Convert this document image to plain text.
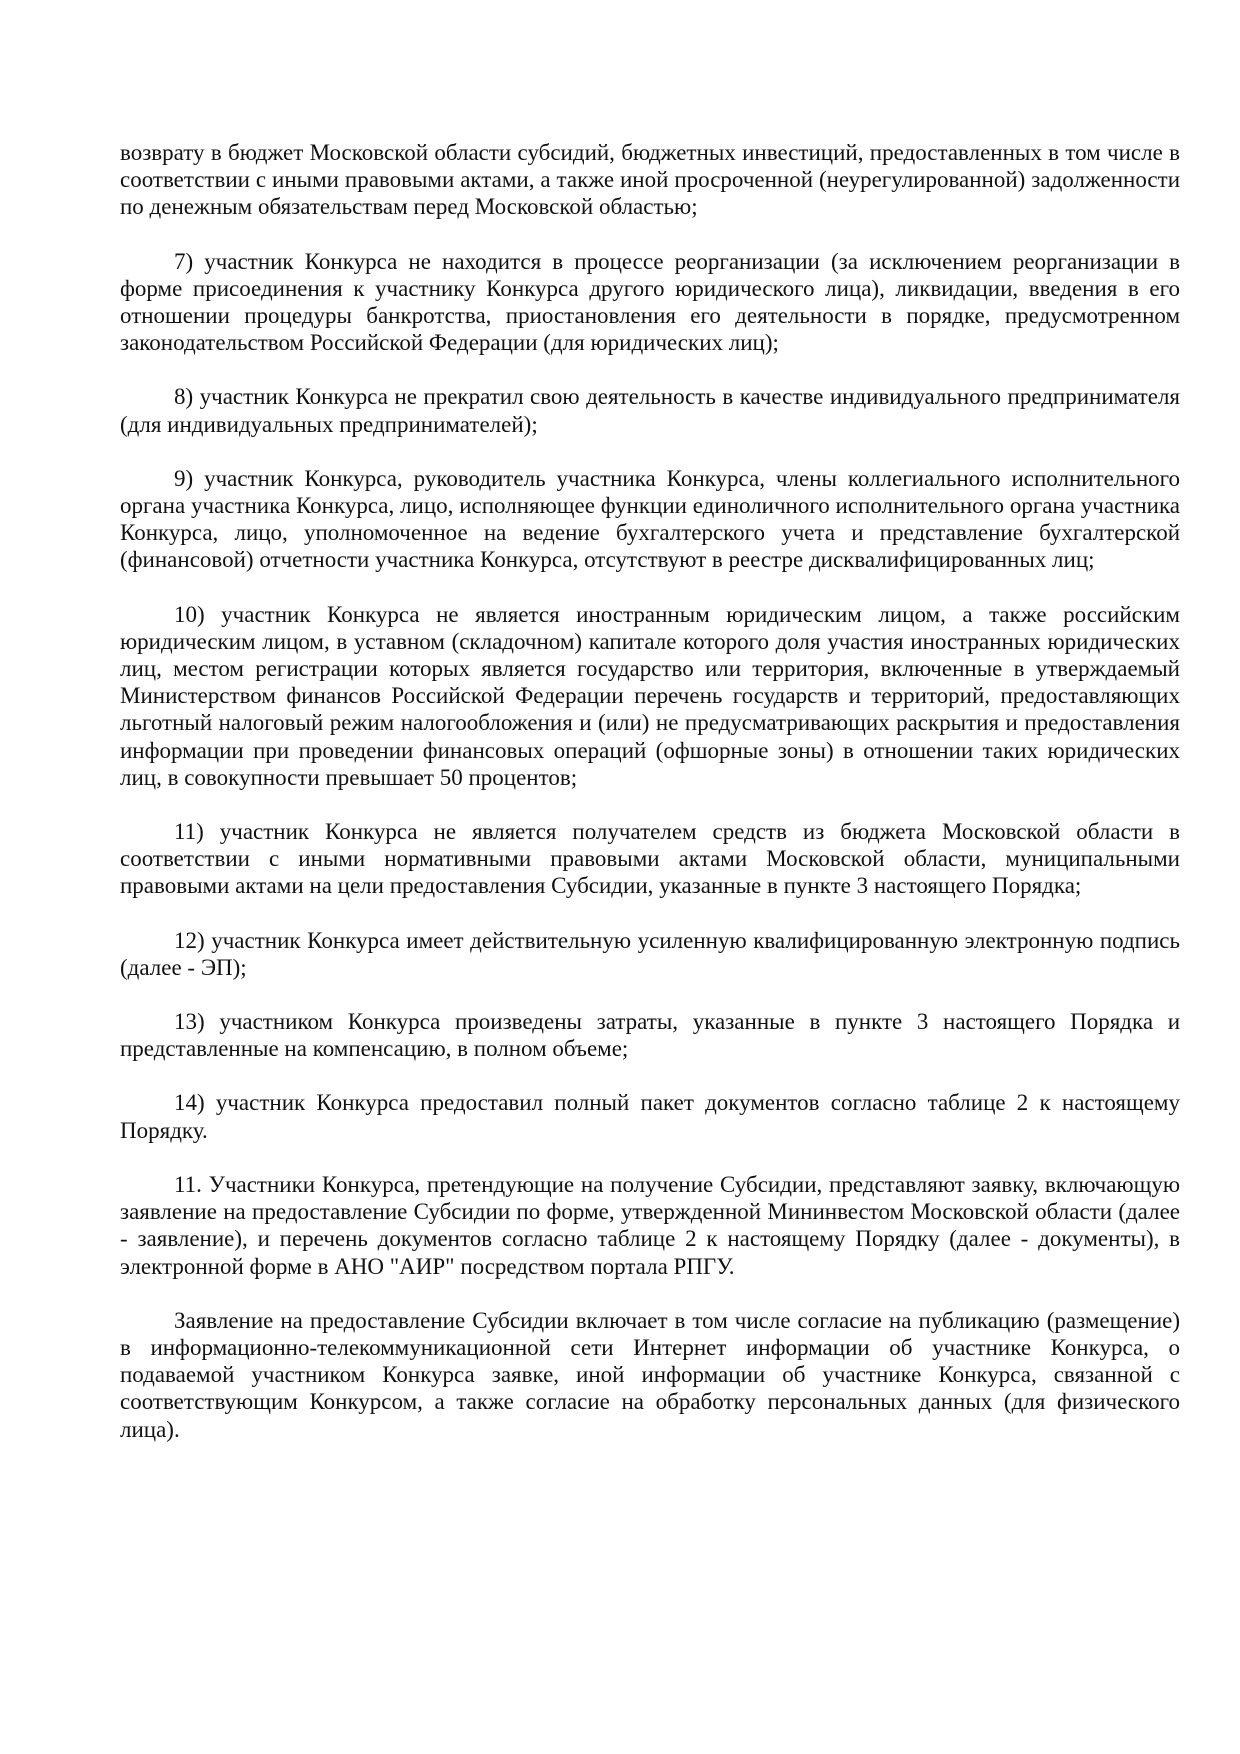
возврату в бюджет Московской области субсидий, бюджетных инвестиций, предоставленных в том числе в соответствии с иными правовыми актами, а также иной просроченной (неурегулированной) задолженности по денежным обязательствам перед Московской областью;

7) участник Конкурса не находится в процессе реорганизации (за исключением реорганизации в форме присоединения к участнику Конкурса другого юридического лица), ликвидации, введения в его отношении процедуры банкротства, приостановления его деятельности в порядке, предусмотренном законодательством Российской Федерации (для юридических лиц);

8) участник Конкурса не прекратил свою деятельность в качестве индивидуального предпринимателя (для индивидуальных предпринимателей);

9) участник Конкурса, руководитель участника Конкурса, члены коллегиального исполнительного органа участника Конкурса, лицо, исполняющее функции единоличного исполнительного органа участника Конкурса, лицо, уполномоченное на ведение бухгалтерского учета и представление бухгалтерской (финансовой) отчетности участника Конкурса, отсутствуют в реестре дисквалифицированных лиц;

10) участник Конкурса не является иностранным юридическим лицом, а также российским юридическим лицом, в уставном (складочном) капитале которого доля участия иностранных юридических лиц, местом регистрации которых является государство или территория, включенные в утверждаемый Министерством финансов Российской Федерации перечень государств и территорий, предоставляющих льготный налоговый режим налогообложения и (или) не предусматривающих раскрытия и предоставления информации при проведении финансовых операций (офшорные зоны) в отношении таких юридических лиц, в совокупности превышает 50 процентов;

11) участник Конкурса не является получателем средств из бюджета Московской области в соответствии с иными нормативными правовыми актами Московской области, муниципальными правовыми актами на цели предоставления Субсидии, указанные в пункте 3 настоящего Порядка;

12) участник Конкурса имеет действительную усиленную квалифицированную электронную подпись (далее - ЭП);

13) участником Конкурса произведены затраты, указанные в пункте 3 настоящего Порядка и представленные на компенсацию, в полном объеме;

14) участник Конкурса предоставил полный пакет документов согласно таблице 2 к настоящему Порядку.

11. Участники Конкурса, претендующие на получение Субсидии, представляют заявку, включающую заявление на предоставление Субсидии по форме, утвержденной Мининвестом Московской области (далее - заявление), и перечень документов согласно таблице 2 к настоящему Порядку (далее - документы), в электронной форме в АНО "АИР" посредством портала РПГУ.

Заявление на предоставление Субсидии включает в том числе согласие на публикацию (размещение) в информационно-телекоммуникационной сети Интернет информации об участнике Конкурса, о подаваемой участником Конкурса заявке, иной информации об участнике Конкурса, связанной с соответствующим Конкурсом, а также согласие на обработку персональных данных (для физического лица).
